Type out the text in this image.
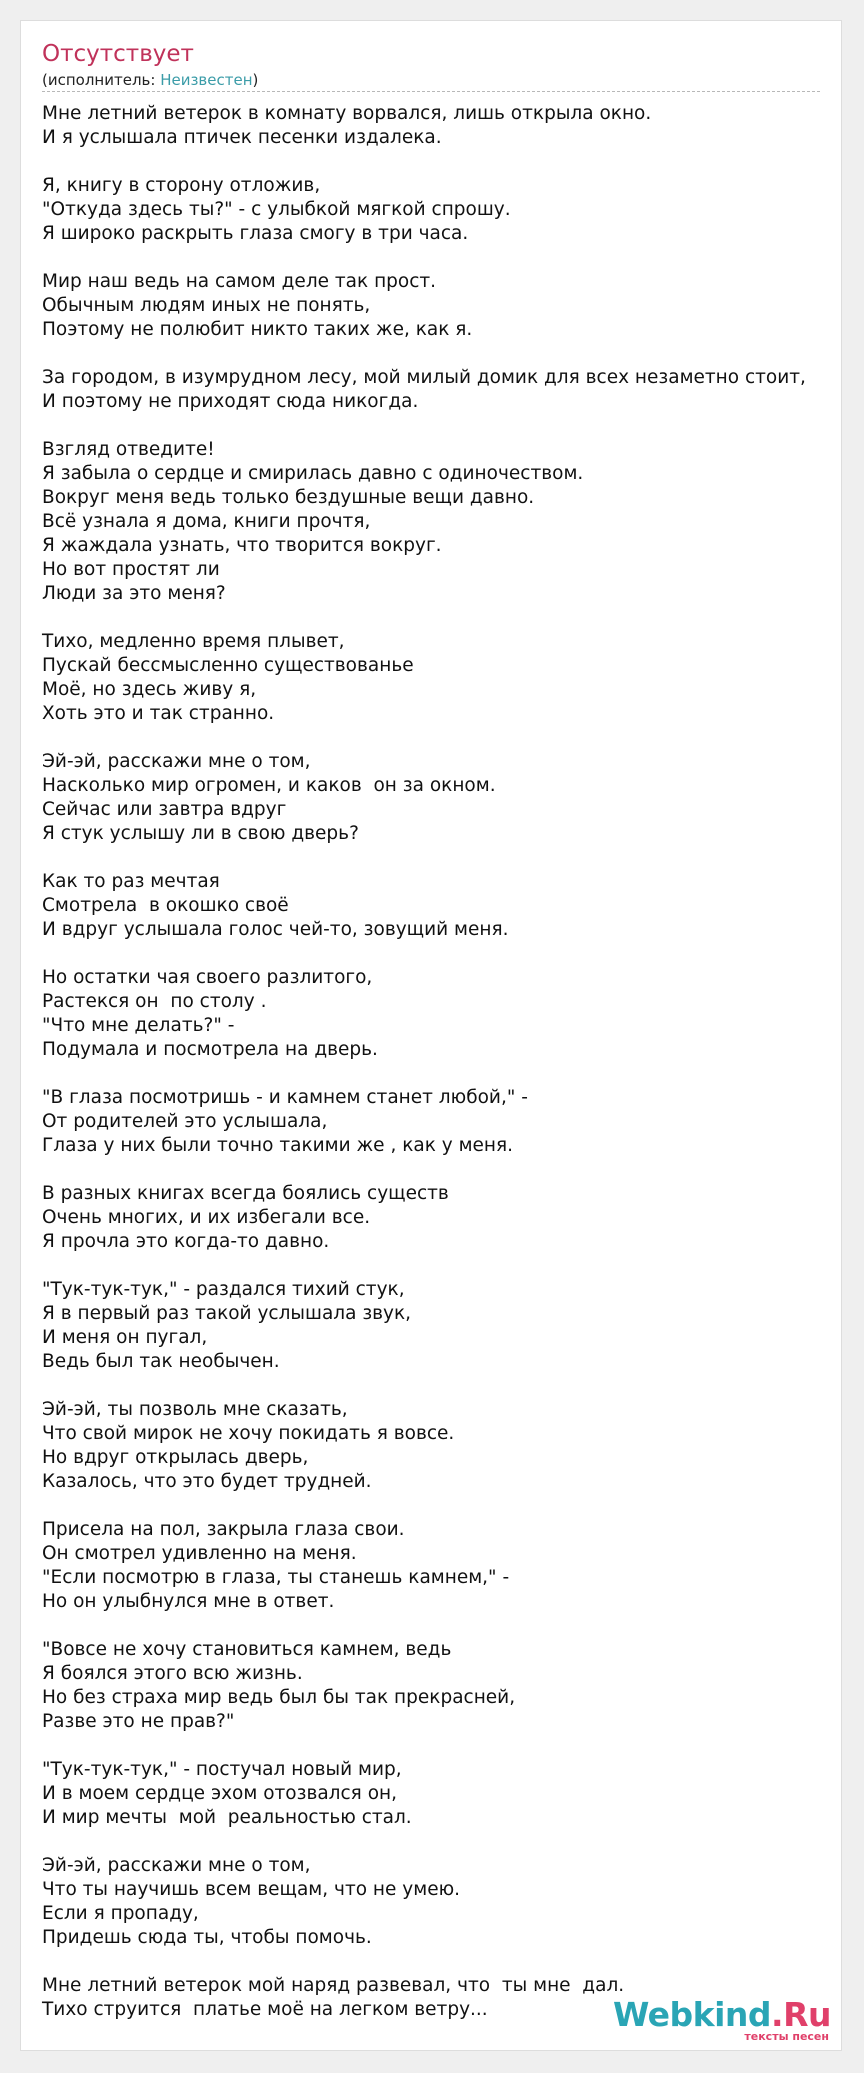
Отсутствует
(исполнитель: Неизвестен)
Мне летний ветерок в комнату ворвался, лишь открыла окно.
И я услышала птичек песенки издалека.
Я, книгу в сторону отложив,
"Откуда здесь ты?" - с улыбкой мягкой спрошу.
Я широко раскрыть глаза смогу в три часа.
Мир наш ведь на самом деле так прост.
Обычным людям иных не понять,
Поэтому не полюбит никто таких же, как я.
За городом, в изумрудном лесу, мой милый домик для всех незаметно стоит,
И поэтому не приходят сюда никогда.
Взгляд отведите!
Я забыла о сердце и смирилась давно с одиночеством.
Вокруг меня ведь только бездушные вещи давно.
Всё узнала я дома, книги прочтя,
Я жаждала узнать, что творится вокруг.
Но вот простят ли
Люди за это меня?
Тихо, медленно время плывет,
Пускай бессмысленно существованье
Моё, но здесь живу я,
Хоть это и так странно.
Эй-эй, расскажи мне о том,
Насколько мир огромен, и каков  он за окном.
Сейчас или завтра вдруг
Я стук услышу ли в свою дверь?
Как то раз мечтая
Смотрела  в окошко своё
И вдруг услышала голос чей-то, зовущий меня.
Но остатки чая своего разлитого,
Растекся он  по столу .
"Что мне делать?" -
Подумала и посмотрела на дверь.
"В глаза посмотришь - и камнем станет любой," -
От родителей это услышала,
Глаза у них были точно такими же , как у меня.
В разных книгах всегда боялись существ
Очень многих, и их избегали все.
Я прочла это когда-то давно.
"Тук-тук-тук," - раздался тихий стук,
Я в первый раз такой услышала звук,
И меня он пугал,
Ведь был так необычен.
Эй-эй, ты позволь мне сказать,
Что свой мирок не хочу покидать я вовсе.
Но вдруг открылась дверь,
Казалось, что это будет трудней.
Присела на пол, закрыла глаза свои.
Он смотрел удивленно на меня.
"Если посмотрю в глаза, ты станешь камнем," -
Но он улыбнулся мне в ответ.
"Вовсе не хочу становиться камнем, ведь
Я боялся этого всю жизнь.
Но без страха мир ведь был бы так прекрасней,
Разве это не прав?"
"Тук-тук-тук," - постучал новый мир,
И в моем сердце эхом отозвался он,
И мир мечты  мой  реальностью стал.
Эй-эй, расскажи мне о том,
Что ты научишь всем вещам, что не умею.
Если я пропаду,
Придешь сюда ты, чтобы помочь.
Мне летний ветерок мой наряд развевал, что  ты мне  дал.
Тихо струится  платье моё на легком ветру...	Webkind.Ru
тексты песен
